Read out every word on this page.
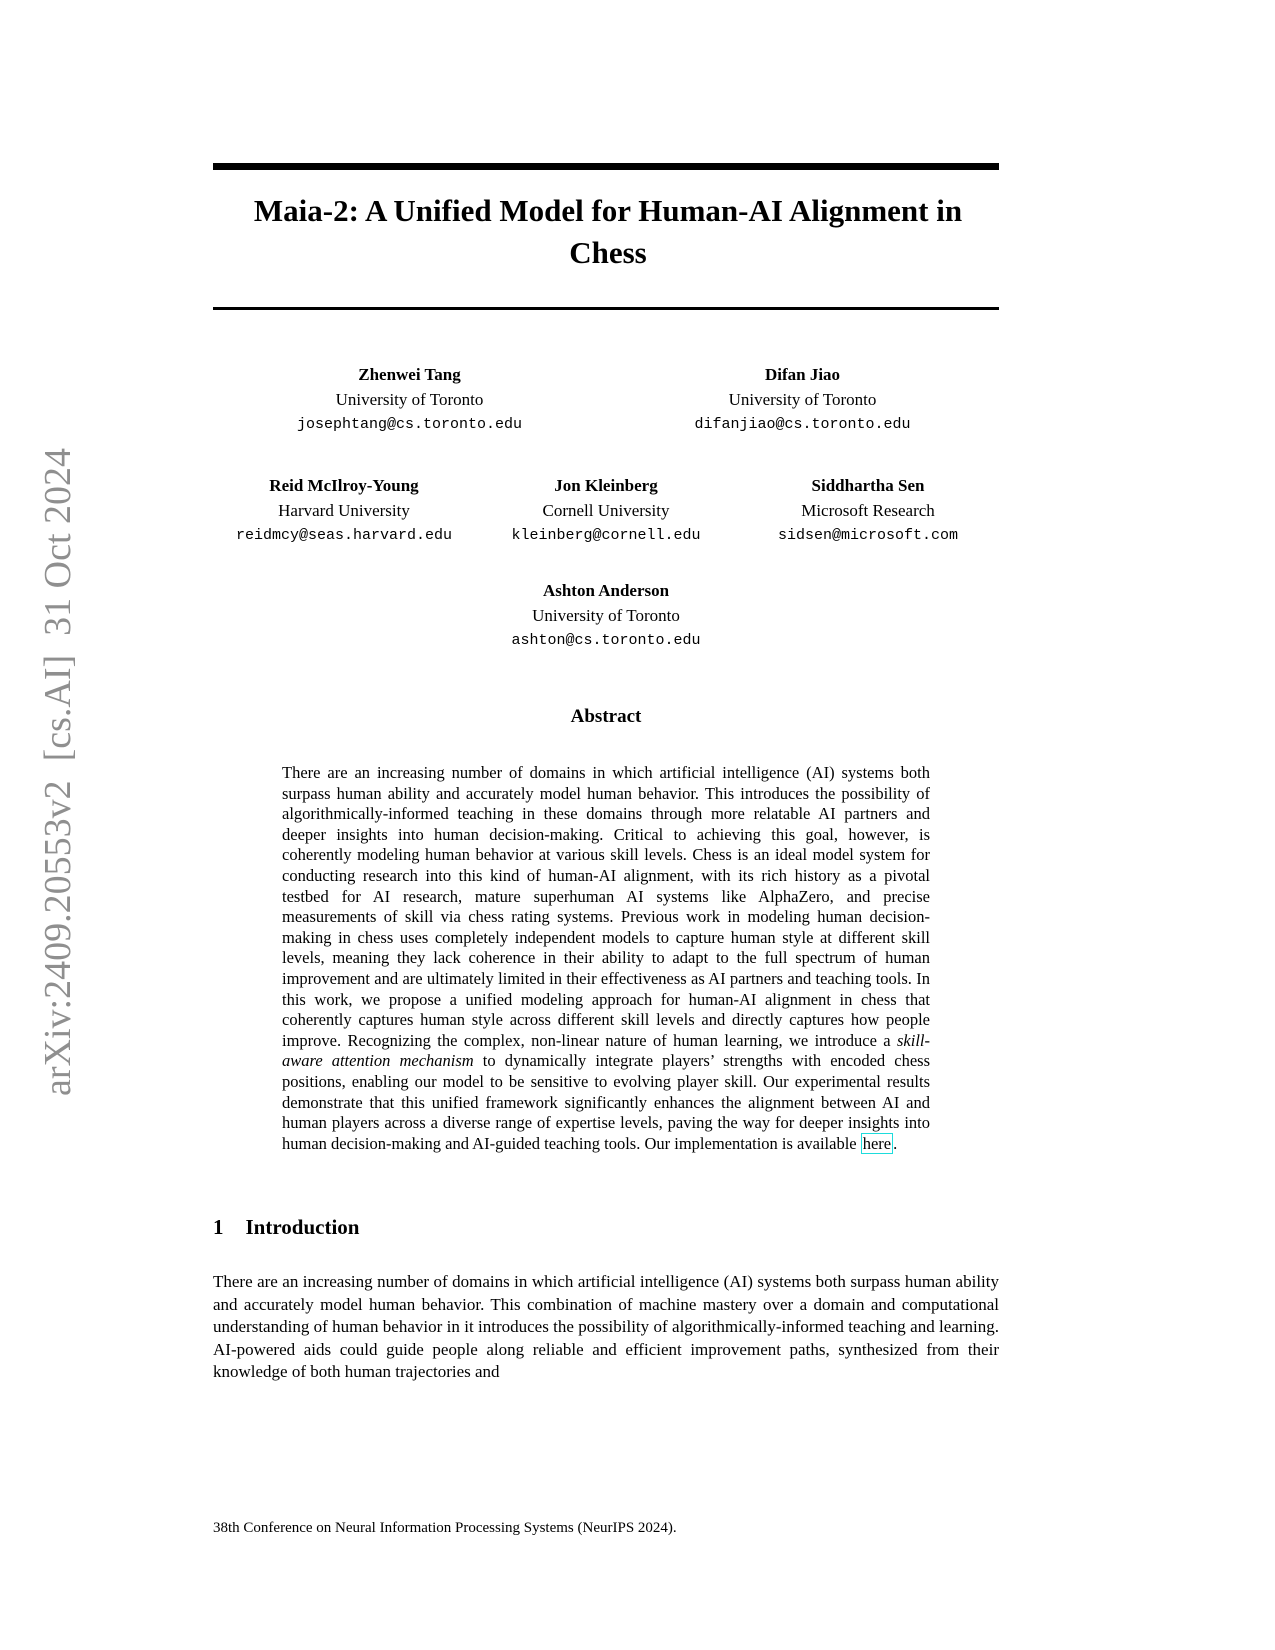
arXiv:2409.20553v2  [cs.AI]  31 Oct 2024
Maia-2: A Unified Model for Human-AI Alignment in Chess
Zhenwei Tang
University of Toronto
josephtang@cs.toronto.edu
Difan Jiao
University of Toronto
difanjiao@cs.toronto.edu
Reid McIlroy-Young
Harvard University
reidmcy@seas.harvard.edu
Jon Kleinberg
Cornell University
kleinberg@cornell.edu
Siddhartha Sen
Microsoft Research
sidsen@microsoft.com
Ashton Anderson
University of Toronto
ashton@cs.toronto.edu
Abstract

There are an increasing number of domains in which artificial intelligence (AI) systems both surpass human ability and accurately model human behavior. This introduces the possibility of algorithmically-informed teaching in these domains through more relatable AI partners and deeper insights into human decision-making. Critical to achieving this goal, however, is coherently modeling human behavior at various skill levels. Chess is an ideal model system for conducting research into this kind of human-AI alignment, with its rich history as a pivotal testbed for AI research, mature superhuman AI systems like AlphaZero, and precise measurements of skill via chess rating systems. Previous work in modeling human decision-making in chess uses completely independent models to capture human style at different skill levels, meaning they lack coherence in their ability to adapt to the full spectrum of human improvement and are ultimately limited in their effectiveness as AI partners and teaching tools. In this work, we propose a unified modeling approach for human-AI alignment in chess that coherently captures human style across different skill levels and directly captures how people improve. Recognizing the complex, non-linear nature of human learning, we introduce a skill-aware attention mechanism to dynamically integrate players’ strengths with encoded chess positions, enabling our model to be sensitive to evolving player skill. Our experimental results demonstrate that this unified framework significantly enhances the alignment between AI and human players across a diverse range of expertise levels, paving the way for deeper insights into human decision-making and AI-guided teaching tools. Our implementation is available here .

1 Introduction

There are an increasing number of domains in which artificial intelligence (AI) systems both surpass human ability and accurately model human behavior. This combination of machine mastery over a domain and computational understanding of human behavior in it introduces the possibility of algorithmically-informed teaching and learning. AI-powered aids could guide people along reliable and efficient improvement paths, synthesized from their knowledge of both human trajectories and

38th Conference on Neural Information Processing Systems (NeurIPS 2024).
